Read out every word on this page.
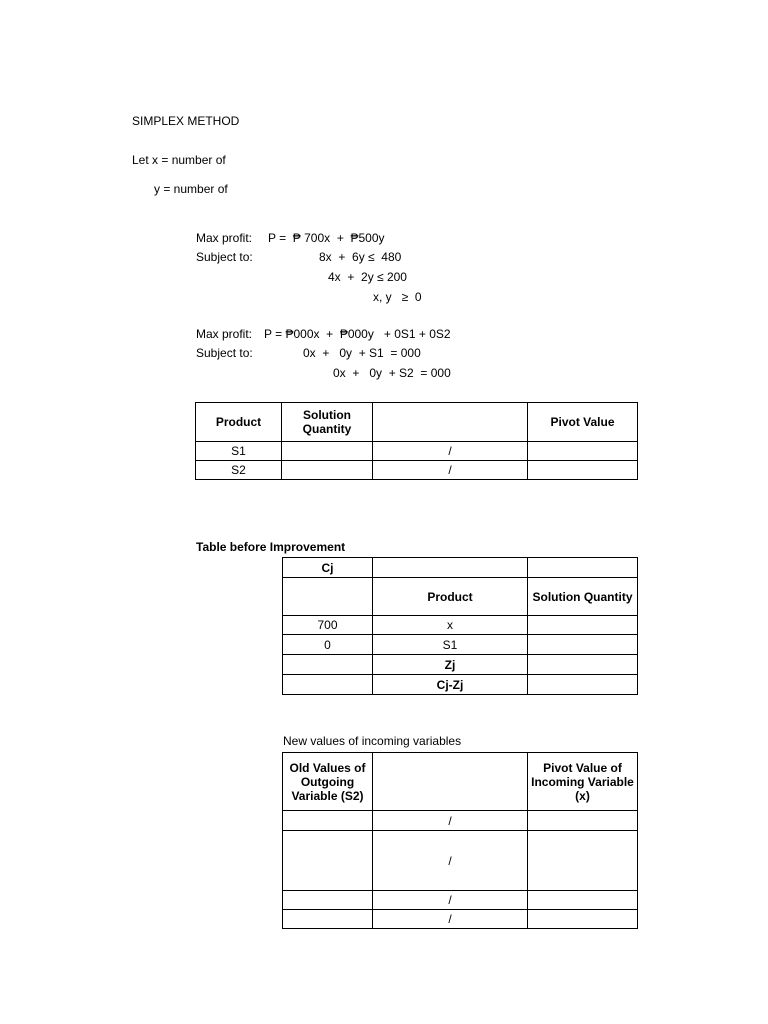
SIMPLEX METHOD
Let x = number of
y = number of
Max profit: P =  ₱ 700x  +  ₱500y
Subject to:	8x  +  6y ≤  480
4x  +  2y ≤ 200
x, y   ≥  0
Max profit: P = ₱000x  +  ₱000y   + 0S1 + 0S2
Subject to:	0x  +   0y  + S1  = 000
0x  +   0y  + S2  = 000
Product	Solution Quantity		Pivot Value
S1		/	
S2		/	
Table before Improvement
Cj		
	Product	Solution Quantity
700	x	
0	S1	
	Zj	
	Cj-Zj	
New values of incoming variables
Old Values of Outgoing Variable (S2)		Pivot Value of Incoming Variable (x)
	/	
	/	
	/	
	/	
